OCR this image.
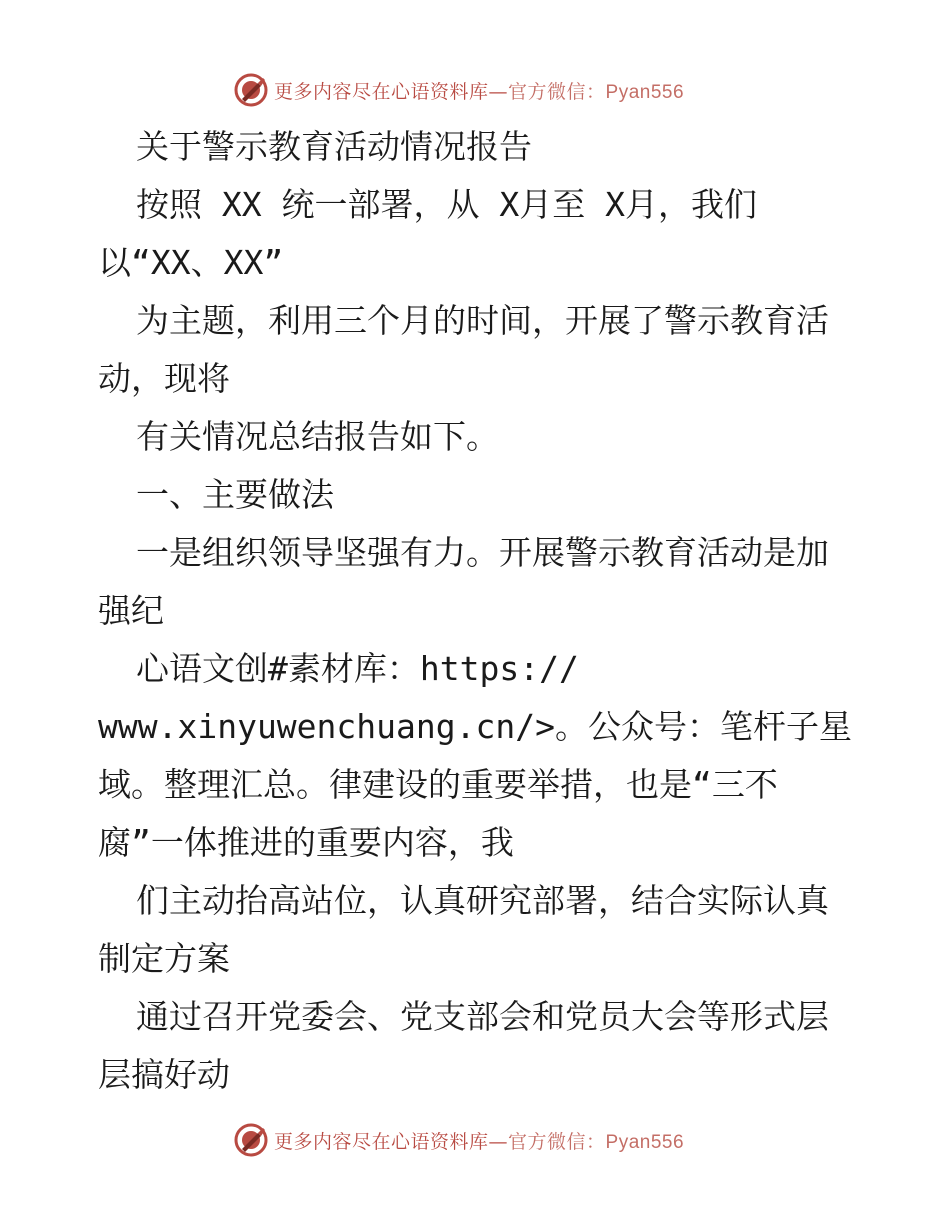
更多内容尽在心语资料库—官方微信：Pyan556
关于警示教育活动情况报告
按照 XX 统一部署，从 X月至 X月，我们
以“XX、XX”
为主题，利用三个月的时间，开展了警示教育活
动，现将
有关情况总结报告如下。
一、主要做法
一是组织领导坚强有力。开展警示教育活动是加
强纪
心语文创#素材库：https://
www.xinyuwenchuang.cn/>。公众号：笔杆子星
域。整理汇总。律建设的重要举措，也是“三不
腐”一体推进的重要内容，我
们主动抬高站位，认真研究部署，结合实际认真
制定方案
通过召开党委会、党支部会和党员大会等形式层
层搞好动
更多内容尽在心语资料库—官方微信：Pyan556
